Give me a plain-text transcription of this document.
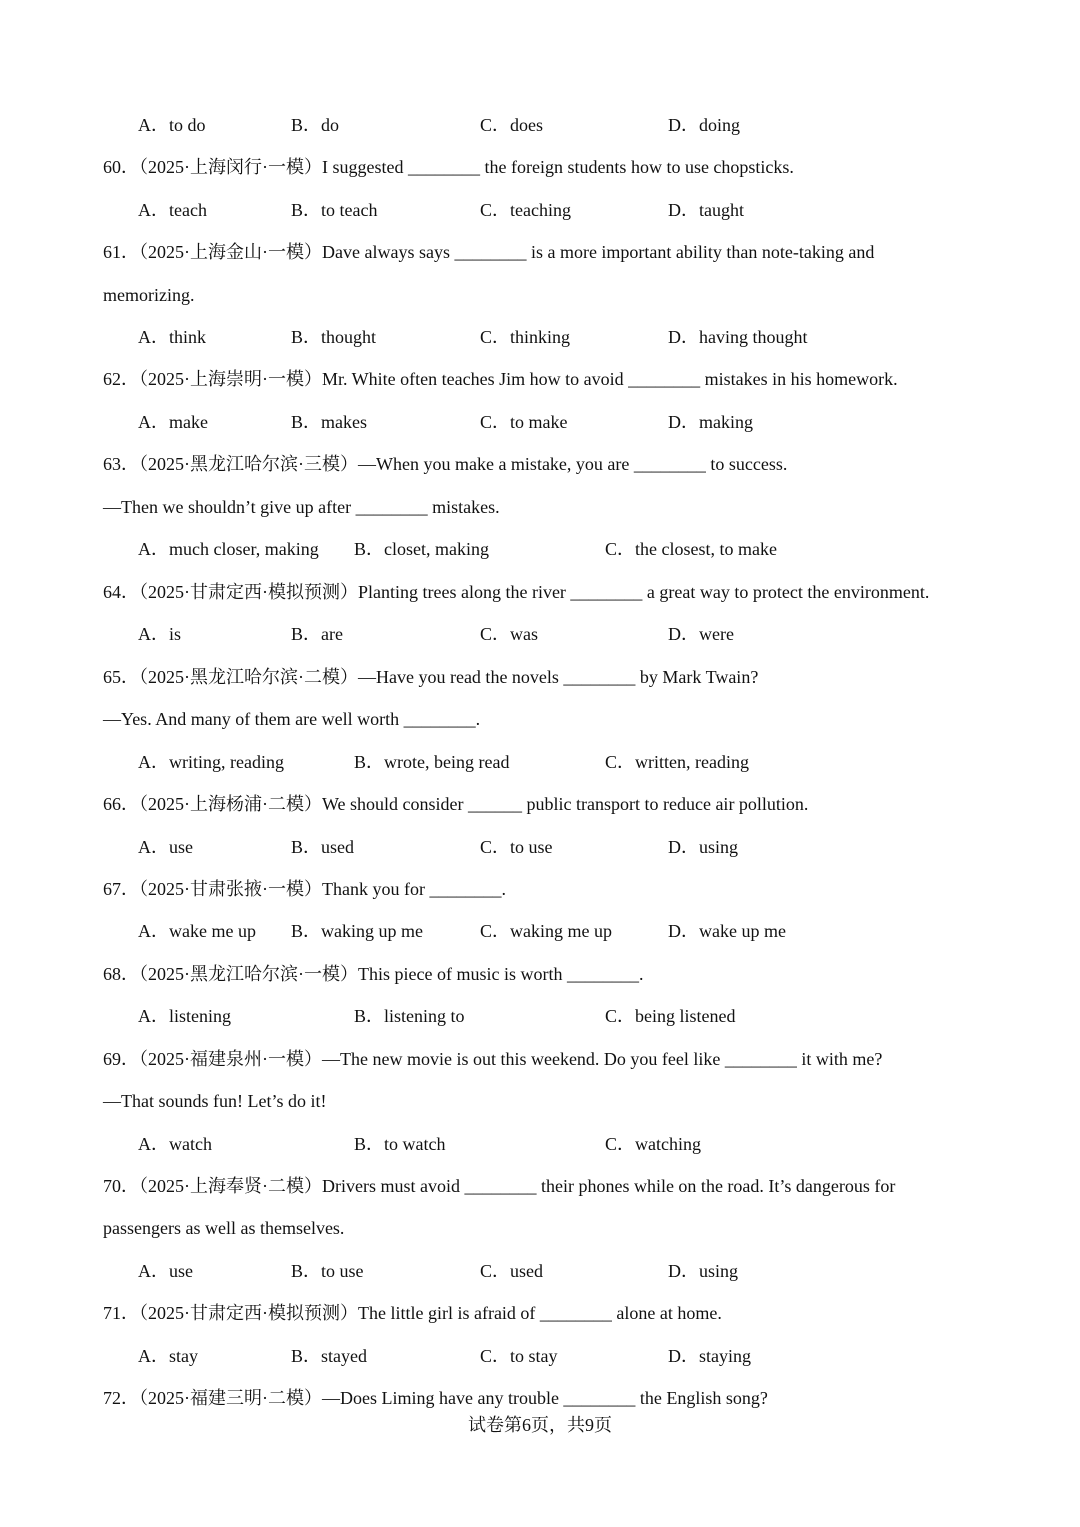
A．to do	B．do	C．does	D．doing
60．（2025·上海闵行·一模）I suggested ________ the foreign students how to use chopsticks.
A．teach	B．to teach	C．teaching	D．taught
61．（2025·上海金山·一模）Dave always says ________ is a more important ability than note-taking and
memorizing.
A．think	B．thought	C．thinking	D．having thought
62．（2025·上海崇明·一模）Mr. White often teaches Jim how to avoid ________ mistakes in his homework.
A．make	B．makes	C．to make	D．making
63．（2025·黑龙江哈尔滨·三模）—When you make a mistake, you are ________ to success.
—Then we shouldn’t give up after ________ mistakes.
A．much closer, making B．closet, making	C．the closest, to make
64．（2025·甘肃定西·模拟预测）Planting trees along the river ________ a great way to protect the environment.
A．is	B．are	C．was	D．were
65．（2025·黑龙江哈尔滨·二模）—Have you read the novels ________ by Mark Twain?
—Yes. And many of them are well worth ________.
A．writing, reading	B．wrote, being read	C．written, reading
66．（2025·上海杨浦·二模）We should consider ______ public transport to reduce air pollution.
A．use	B．used	C．to use	D．using
67．（2025·甘肃张掖·一模）Thank you for ________.
A．wake me up B．waking up me	C．waking me up	D．wake up me
68．（2025·黑龙江哈尔滨·一模）This piece of music is worth ________.
A．listening	B．listening to	C．being listened
69．（2025·福建泉州·一模）—The new movie is out this weekend. Do you feel like ________ it with me?
—That sounds fun! Let’s do it!
A．watch	B．to watch	C．watching
70．（2025·上海奉贤·二模）Drivers must avoid ________ their phones while on the road. It’s dangerous for
passengers as well as themselves.
A．use	B．to use	C．used	D．using
71．（2025·甘肃定西·模拟预测）The little girl is afraid of ________ alone at home.
A．stay	B．stayed	C．to stay	D．staying
72．（2025·福建三明·二模）—Does Liming have any trouble ________ the English song?
试卷第6页，共9页
